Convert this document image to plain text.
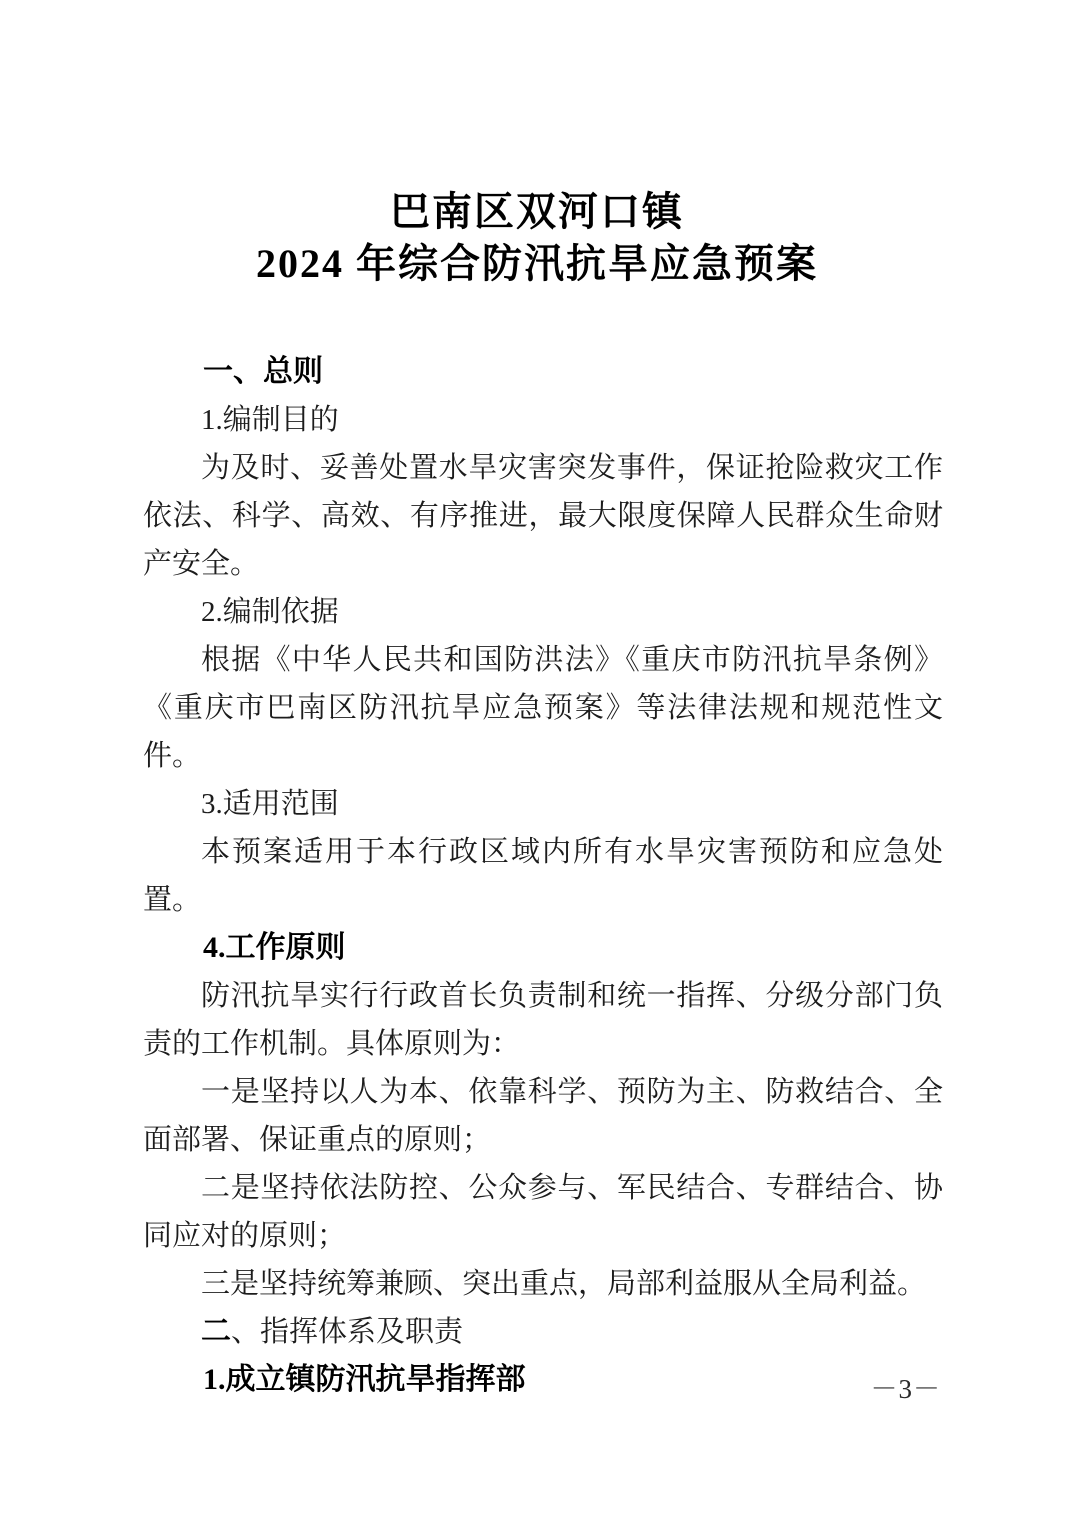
巴南区双河口镇
2024 年综合防汛抗旱应急预案
一、总则
1.编制目的

为及时、妥善处置水旱灾害突发事件，保证抢险救灾工作依法、科学、高效、有序推进，最大限度保障人民群众生命财产安全。

2.编制依据

根据《中华人民共和国防洪法》《重庆市防汛抗旱条例》《重庆市巴南区防汛抗旱应急预案》等法律法规和规范性文件。

3.适用范围

本预案适用于本行政区域内所有水旱灾害预防和应急处置。

4.工作原则

防汛抗旱实行行政首长负责制和统一指挥、分级分部门负责的工作机制。具体原则为：

一是坚持以人为本、依靠科学、预防为主、防救结合、全面部署、保证重点的原则；

二是坚持依法防控、公众参与、军民结合、专群结合、协同应对的原则；

三是坚持统筹兼顾、突出重点，局部利益服从全局利益。

二、指挥体系及职责
1.成立镇防汛抗旱指挥部	－3－
